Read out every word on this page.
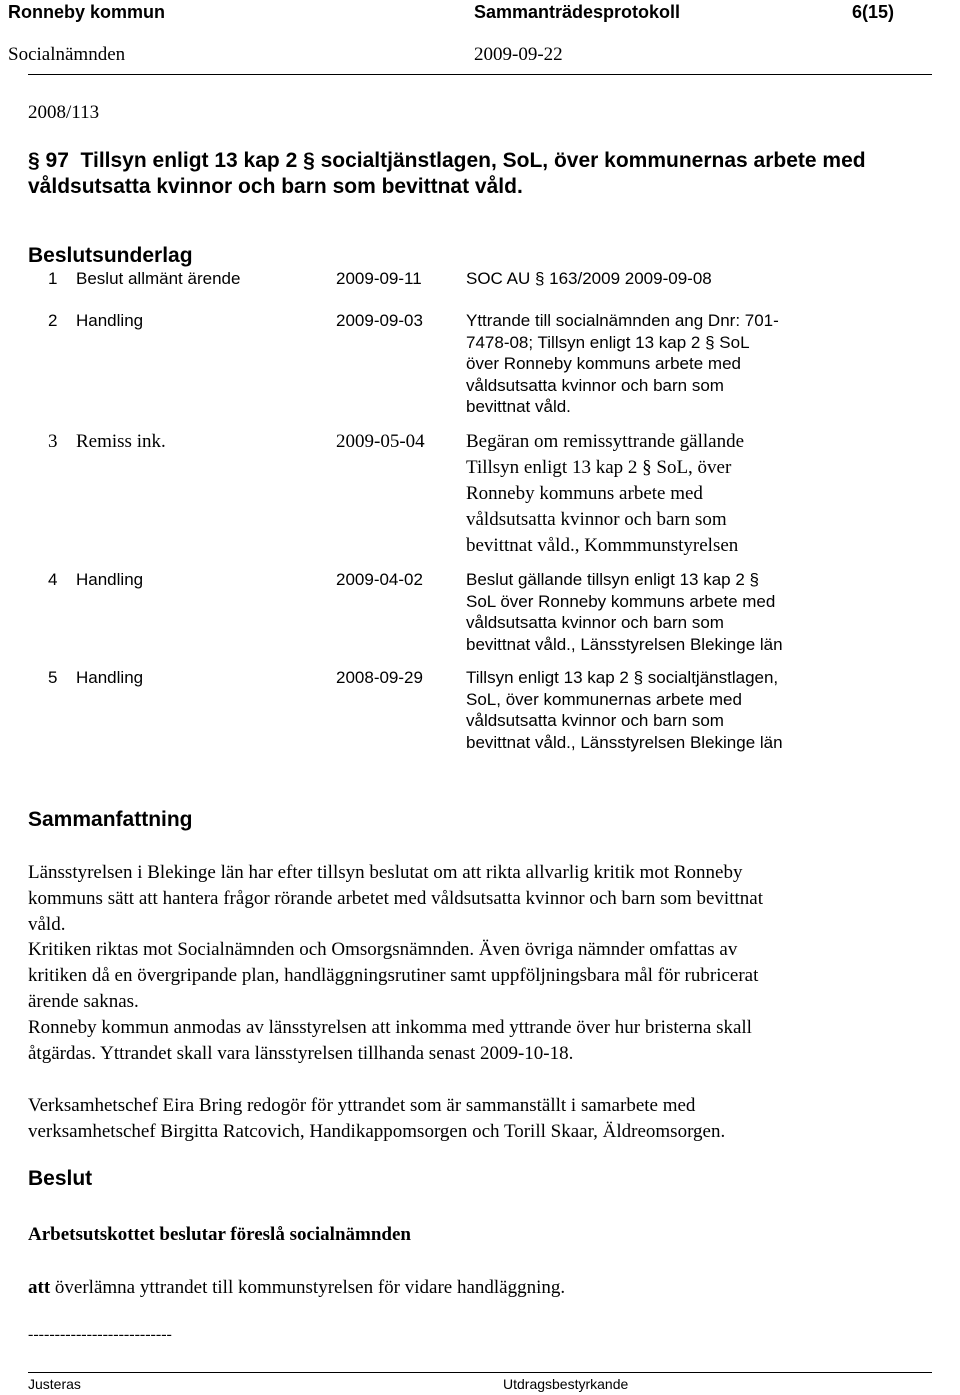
Ronneby kommun	Sammanträdesprotokoll	6(15)
Socialnämnden	2009-09-22
2008/113
§ 97 Tillsyn enligt 13 kap 2 § socialtjänstlagen, SoL, över kommunernas arbete med
våldsutsatta kvinnor och barn som bevittnat våld.
Beslutsunderlag
1 Beslut allmänt ärende	2009-09-11	SOC AU § 163/2009 2009-09-08
2 Handling	2009-09-03	Yttrande till socialnämnden ang Dnr: 701-
7478-08; Tillsyn enligt 13 kap 2 § SoL
över Ronneby kommuns arbete med
våldsutsatta kvinnor och barn som
bevittnat våld.
3 Remiss ink.	2009-05-04 Begäran om remissyttrande gällande
Tillsyn enligt 13 kap 2 § SoL, över
Ronneby kommuns arbete med
våldsutsatta kvinnor och barn som
bevittnat våld., Kommmunstyrelsen
4 Handling	2009-04-02	Beslut gällande tillsyn enligt 13 kap 2 §
SoL över Ronneby kommuns arbete med
våldsutsatta kvinnor och barn som
bevittnat våld., Länsstyrelsen Blekinge län
5 Handling	2008-09-29	Tillsyn enligt 13 kap 2 § socialtjänstlagen,
SoL, över kommunernas arbete med
våldsutsatta kvinnor och barn som
bevittnat våld., Länsstyrelsen Blekinge län
Sammanfattning
Länsstyrelsen i Blekinge län har efter tillsyn beslutat om att rikta allvarlig kritik mot Ronneby
kommuns sätt att hantera frågor rörande arbetet med våldsutsatta kvinnor och barn som bevittnat
våld.
Kritiken riktas mot Socialnämnden och Omsorgsnämnden. Även övriga nämnder omfattas av
kritiken då en övergripande plan, handläggningsrutiner samt uppföljningsbara mål för rubricerat
ärende saknas.
Ronneby kommun anmodas av länsstyrelsen att inkomma med yttrande över hur bristerna skall
åtgärdas. Yttrandet skall vara länsstyrelsen tillhanda senast 2009-10-18.
Verksamhetschef Eira Bring redogör för yttrandet som är sammanställt i samarbete med
verksamhetschef Birgitta Ratcovich, Handikappomsorgen och Torill Skaar, Äldreomsorgen.
Beslut
Arbetsutskottet beslutar föreslå socialnämnden
att överlämna yttrandet till kommunstyrelsen för vidare handläggning.
---------------------------
Justeras	Utdragsbestyrkande
